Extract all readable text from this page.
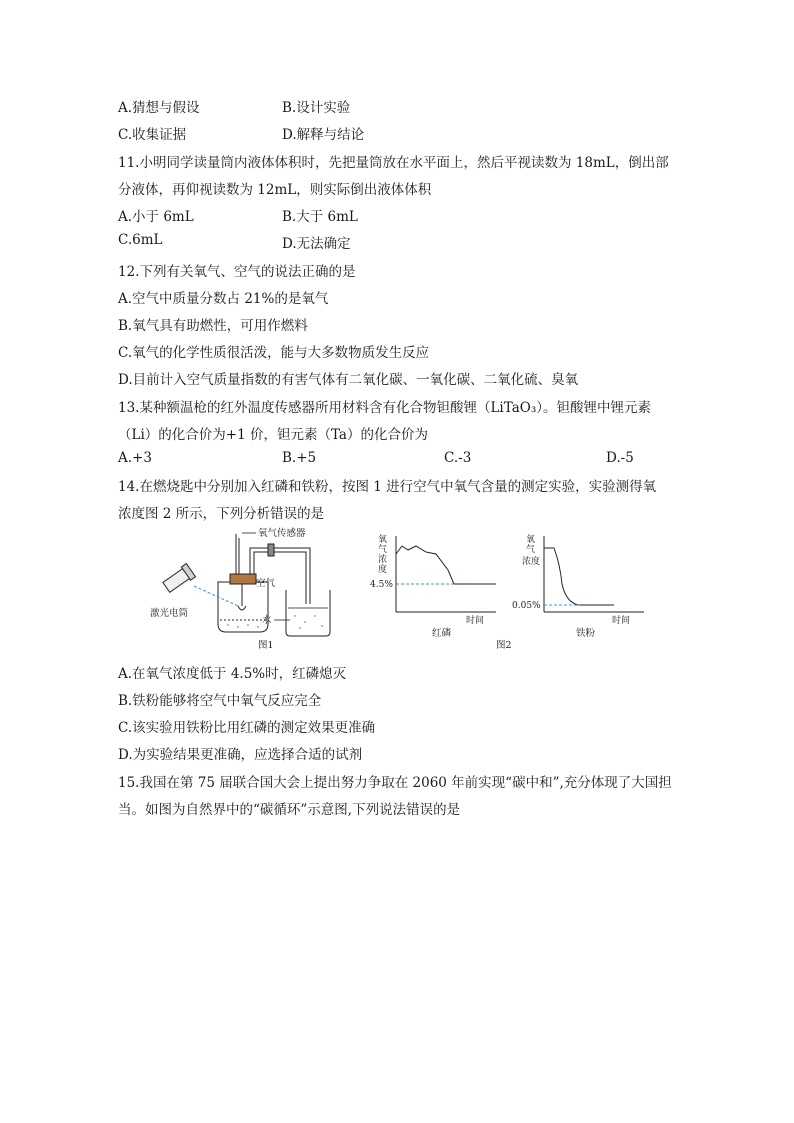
A.猜想与假设	B.设计实验
C.收集证据	D.解释与结论
11.小明同学读量筒内液体体积时，先把量筒放在水平面上，然后平视读数为 18mL，倒出部
分液体，再仰视读数为 12mL，则实际倒出液体体积
A.小于 6mL	B.大于 6mL
C.6mL	D.无法确定
12.下列有关氧气、空气的说法正确的是
A.空气中质量分数占 21%的是氧气
B.氧气具有助燃性，可用作燃料
C.氧气的化学性质很活泼，能与大多数物质发生反应
D.目前计入空气质量指数的有害气体有二氧化碳、一氧化碳、二氧化硫、臭氧
13.某种额温枪的红外温度传感器所用材料含有化合物钽酸锂（LiTaO₃）。钽酸锂中锂元素
（Li）的化合价为+1 价，钽元素（Ta）的化合价为
A.+3	B.+5	C.-3	D.-5
14.在燃烧匙中分别加入红磷和铁粉，按图 1 进行空气中氧气含量的测定实验，实验测得氧
浓度图 2 所示，下列分析错误的是
氧气传感器
空气
激光电筒
水
图1
氧
气
浓
度
4.5%
时间
红磷
氧
气
浓 度
0.05%
时间
铁粉
图2
A.在氧气浓度低于 4.5%时，红磷熄灭
B.铁粉能够将空气中氧气反应完全
C.该实验用铁粉比用红磷的测定效果更准确
D.为实验结果更准确，应选择合适的试剂
15.我国在第 75 届联合国大会上提出努力争取在 2060 年前实现“碳中和”,充分体现了大国担
当。如图为自然界中的“碳循环”示意图,下列说法错误的是
